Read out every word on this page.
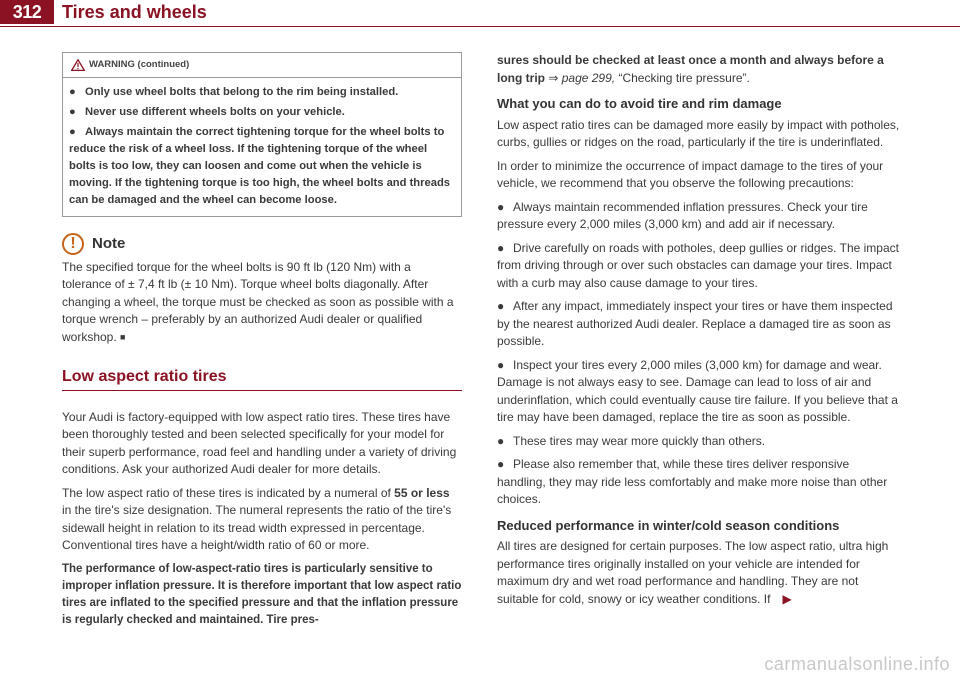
312	Tires and wheels
WARNING (continued)
● Only use wheel bolts that belong to the rim being installed.
● Never use different wheels bolts on your vehicle.
● Always maintain the correct tightening torque for the wheel bolts to reduce the risk of a wheel loss. If the tightening torque of the wheel bolts is too low, they can loosen and come out when the vehicle is moving. If the tightening torque is too high, the wheel bolts and threads can be damaged and the wheel can become loose.
!	Note

The specified torque for the wheel bolts is 90 ft lb (120 Nm) with a tolerance of ± 7,4 ft lb (± 10 Nm). Torque wheel bolts diagonally. After changing a wheel, the torque must be checked as soon as possible with a torque wrench – preferably by an authorized Audi dealer or qualified workshop. ■

Low aspect ratio tires

Your Audi is factory-equipped with low aspect ratio tires. These tires have been thoroughly tested and been selected specifically for your model for their superb performance, road feel and handling under a variety of driving conditions. Ask your authorized Audi dealer for more details.

The low aspect ratio of these tires is indicated by a numeral of 55 or less in the tire's size designation. The numeral represents the ratio of the tire's sidewall height in relation to its tread width expressed in percentage. Conventional tires have a height/width ratio of 60 or more.

The performance of low-aspect-ratio tires is particularly sensitive to improper inflation pressure. It is therefore important that low aspect ratio tires are inflated to the specified pressure and that the inflation pressure is regularly checked and maintained. Tire pres-

sures should be checked at least once a month and always before a long trip ⇒ page 299, “Checking tire pressure”.

What you can do to avoid tire and rim damage

Low aspect ratio tires can be damaged more easily by impact with potholes, curbs, gullies or ridges on the road, particularly if the tire is underinflated.

In order to minimize the occurrence of impact damage to the tires of your vehicle, we recommend that you observe the following precautions:

● Always maintain recommended inflation pressures. Check your tire pressure every 2,000 miles (3,000 km) and add air if necessary.

● Drive carefully on roads with potholes, deep gullies or ridges. The impact from driving through or over such obstacles can damage your tires. Impact with a curb may also cause damage to your tires.

● After any impact, immediately inspect your tires or have them inspected by the nearest authorized Audi dealer. Replace a damaged tire as soon as possible.

● Inspect your tires every 2,000 miles (3,000 km) for damage and wear. Damage is not always easy to see. Damage can lead to loss of air and underinflation, which could eventually cause tire failure. If you believe that a tire may have been damaged, replace the tire as soon as possible.

● These tires may wear more quickly than others.

● Please also remember that, while these tires deliver responsive handling, they may ride less comfortably and make more noise than other choices.

Reduced performance in winter/cold season conditions

All tires are designed for certain purposes. The low aspect ratio, ultra high performance tires originally installed on your vehicle are intended for maximum dry and wet road performance and handling. They are not suitable for cold, snowy or icy weather conditions. If ▶

carmanualsonline.info
